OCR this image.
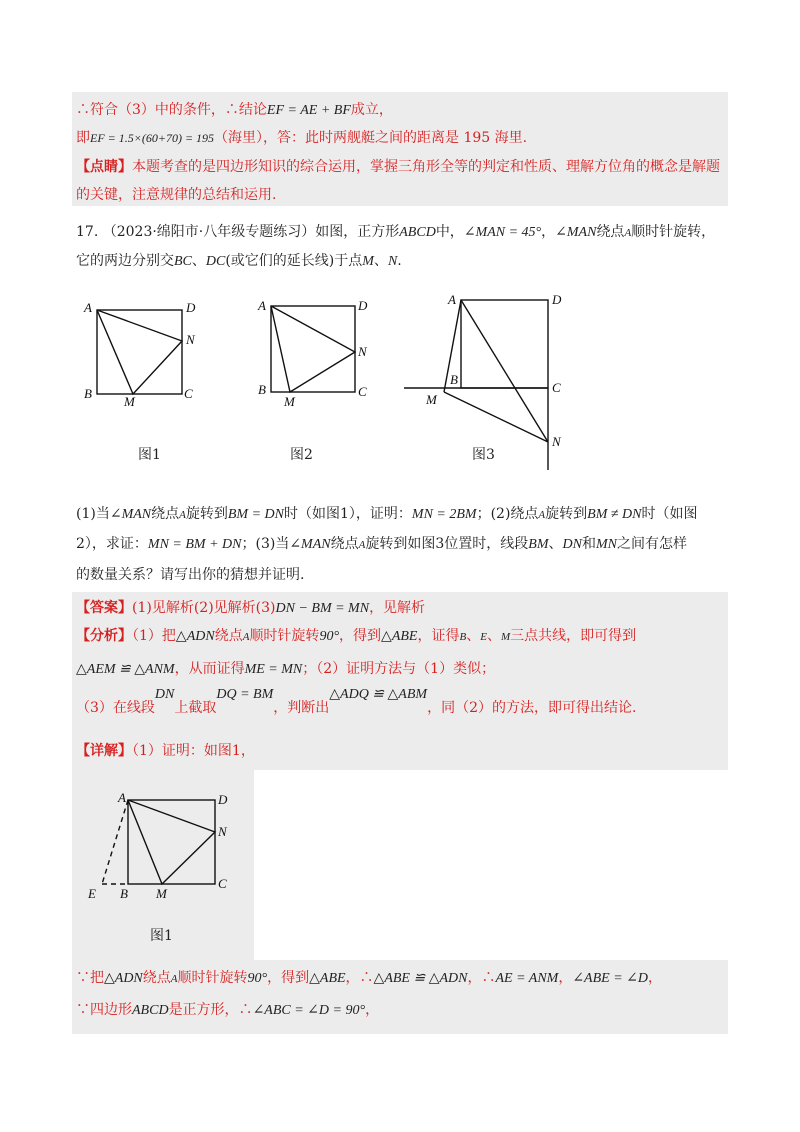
∴符合（3）中的条件，∴结论EF = AE + BF成立，
即EF = 1.5×(60+70) = 195（海里），答：此时两舰艇之间的距离是 195 海里.
【点睛】本题考查的是四边形知识的综合运用，掌握三角形全等的判定和性质、理解方位角的概念是解题
的关键，注意规律的总结和运用.
17. （2023·绵阳市·八年级专题练习）如图，正方形ABCD中，∠MAN = 45°，∠MAN绕点A顺时针旋转，
它的两边分别交BC、DC(或它们的延长线)于点M、N.
A	D
N
C
B
M
图1
A	D
N
C
B
M
图2
A	D
B
C
M
N
图3
(1)当∠MAN绕点A旋转到BM = DN时（如图1），证明：MN = 2BM；(2)绕点A旋转到BM ≠ DN时（如图
2），求证：MN = BM + DN；(3)当∠MAN绕点A旋转到如图3位置时，线段BM、DN和MN之间有怎样
的数量关系？请写出你的猜想并证明.
【答案】(1)见解析(2)见解析(3)DN − BM = MN，见解析
【分析】（1）把△ADN绕点A顺时针旋转90°，得到△ABE，证得B、E、M三点共线，即可得到
△AEM ≌ △ANM，从而证得ME = MN；（2）证明方法与（1）类似；
（3）在线段DN上截取DQ = BM，判断出△ADQ ≌ △ABM，同（2）的方法，即可得出结论.
【详解】（1）证明：如图1，
A	D
N
C
E B M
图1
∵把△ADN绕点A顺时针旋转90°，得到△ABE，∴△ABE ≌ △ADN，∴AE = ANM，∠ABE = ∠D，
∵四边形ABCD是正方形，∴∠ABC = ∠D = 90°，
